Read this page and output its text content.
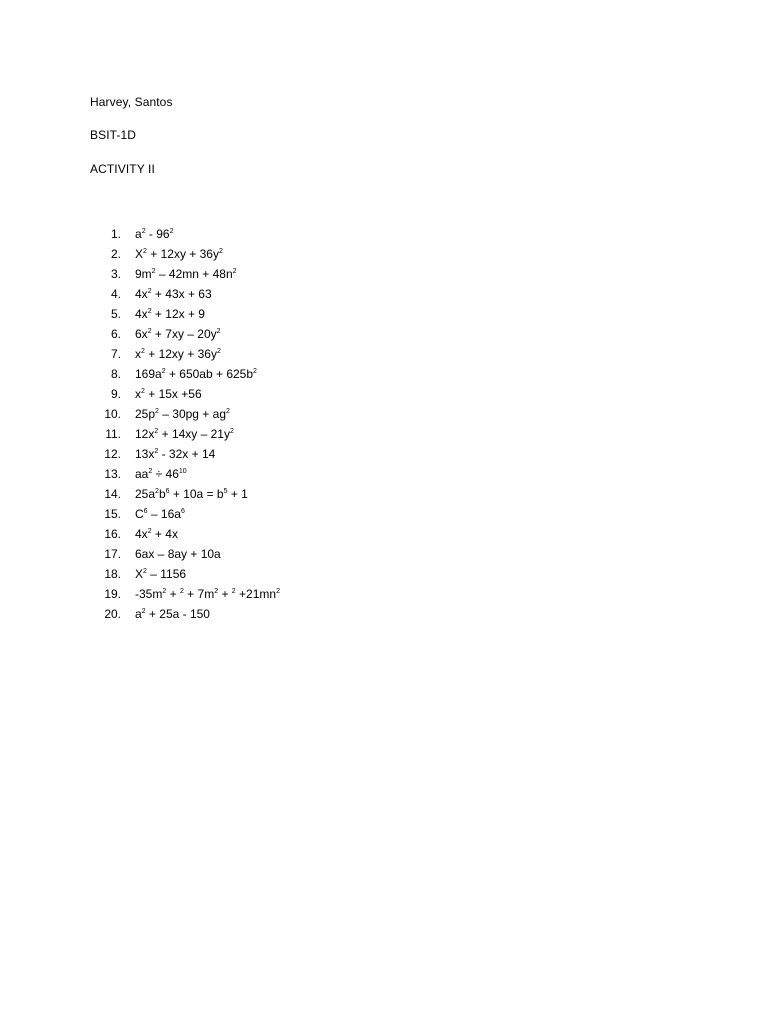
Harvey, Santos
BSIT-1D
ACTIVITY II
1. $a^2 - 96^2$
2. $X^2 + 12xy + 36y^2$
3. $9m^2 - 42mn + 48n^2$
4. $4x^2 + 43x + 63$
5. $4x^2 + 12x + 9$
6. $6x^2 + 7xy - 20y^2$
7. $x^2 + 12xy + 36y^2$
8. $169a^2 + 650ab + 625b^2$
9. $x^2 + 15x +56$
10. $25p^2 - 30pg + ag^2$
11. $12x^2 + 14xy - 21y^2$
12. $13x^2 - 32x + 14$
13. $aa^2 \div 46^{10}$
14. $25a^2b^6 + 10a = b^5 + 1$
15. $C^6 - 16a^6$
16. $4x^2 + 4x$
17. 6ax – 8ay + 10a
18. $X^2 - 1156$
19. $-35m^2 + ^2 + 7m^2 + ^2 +21mn^2$
20. $a^2 + 25a - 150$
